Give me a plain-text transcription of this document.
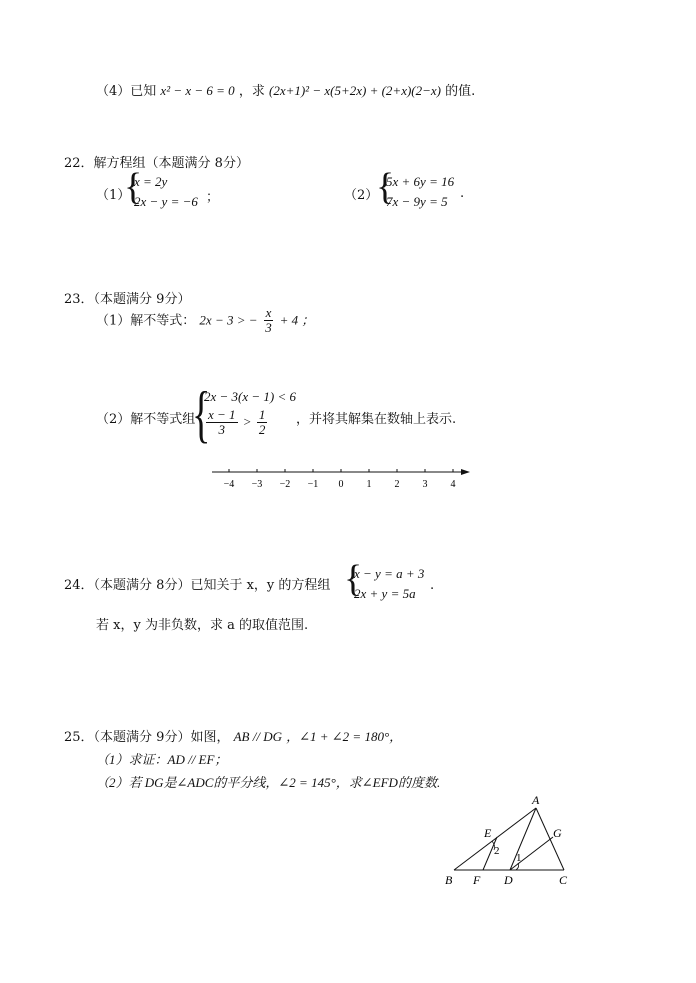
（4）已知 x² − x − 6 = 0 ，求 (2x+1)² − x(5+2x) + (2+x)(2−x) 的值.
22．解方程组（本题满分 8分）
（1）
{
x = 2y
2x − y = −6 ；	（2）
{
5x + 6y = 16
7x − 9y = 5
.
23．（本题满分 9分）
（1）解不等式： 2x − 3 > − $\frac{x}{3} + 4$ ；
（2）解不等式组
{
2x − 3(x − 1) < 6
$\frac{x - 1}{3} > \frac{1}{2}$ ，并将其解集在数轴上表示.
−4 −3 −2 −1 0 1 2 3 4
24．（本题满分 8分）已知关于 x，y 的方程组 {
x − y = a + 3
2x + y = 5a
.
若 x，y 为非负数，求 a 的取值范围.
25．（本题满分 9分）如图， AB // DG ，∠1 + ∠2 = 180°，
（1）求证：AD // EF；
（2）若 DG是∠ADC的平分线，∠2 = 145°，求∠EFD的度数.
A
B	C
D
E
F
G
2
1
